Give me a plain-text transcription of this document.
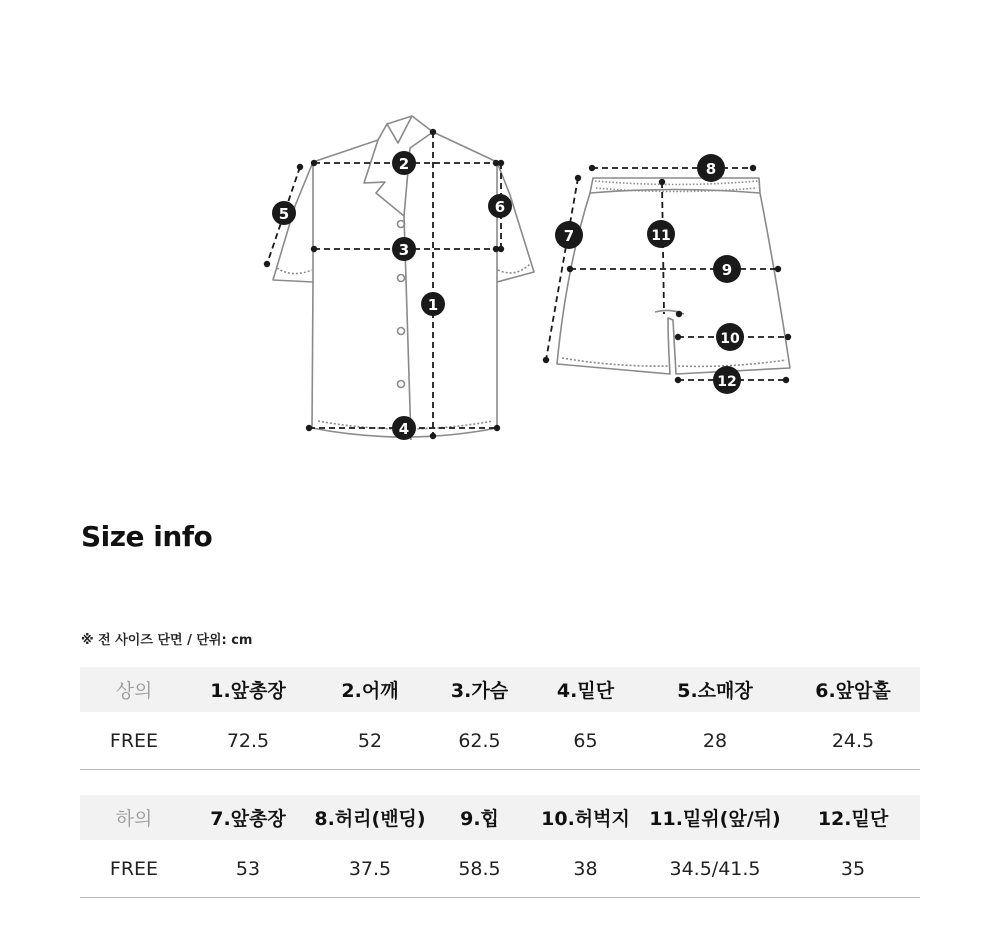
1
2
3
4
5	6
7
8
9
10
11
12
Size info
※ 전 사이즈 단면 / 단위: cm
상의	1.앞총장	2.어깨	3.가슴	4.밑단	5.소매장	6.앞암홀
FREE	72.5	52	62.5	65	28	24.5
하의	7.앞총장	8.허리(밴딩)	9.힙	10.허벅지	11.밑위(앞/뒤)	12.밑단
FREE	53	37.5	58.5	38	34.5/41.5	35
